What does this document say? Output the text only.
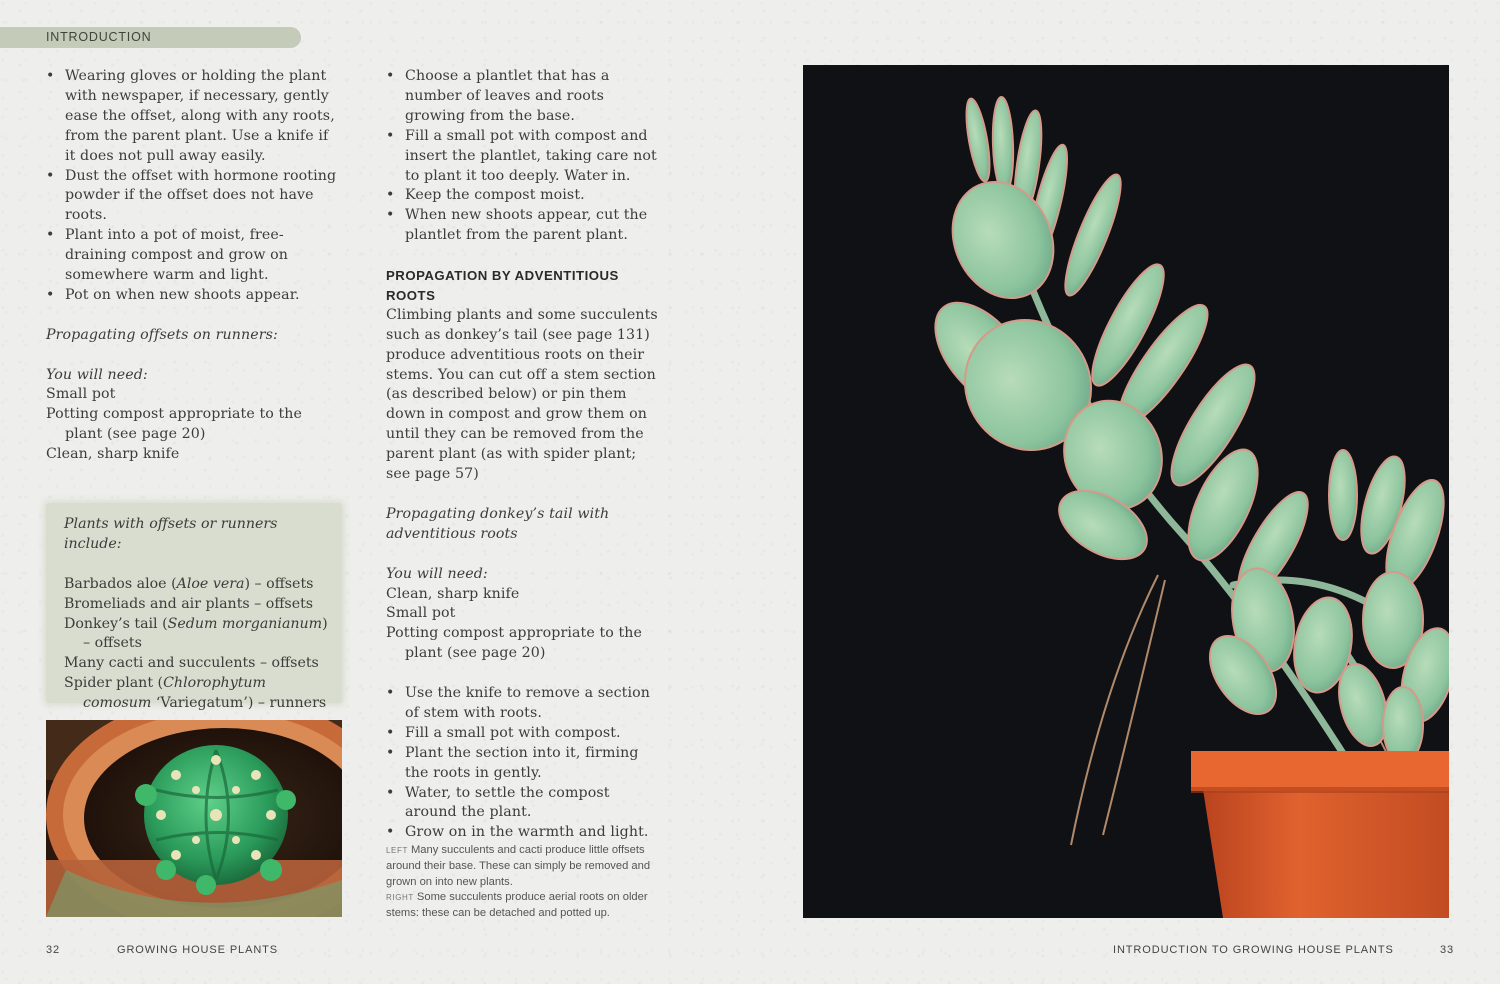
INTRODUCTION
• Wearing gloves or holding the plant with newspaper, if necessary, gently ease the offset, along with any roots, from the parent plant. Use a knife if it does not pull away easily.
• Dust the offset with hormone rooting powder if the offset does not have roots.
• Plant into a pot of moist, free-draining compost and grow on somewhere warm and light.
• Pot on when new shoots appear.
Propagating offsets on runners:
You will need:
Small pot
Potting compost appropriate to the plant (see page 20)
Clean, sharp knife
Plants with offsets or runners include:
Barbados aloe (Aloe vera) – offsets
Bromeliads and air plants – offsets
Donkey’s tail (Sedum morganianum) – offsets
Many cacti and succulents – offsets
Spider plant (Chlorophytum comosum ‘Variegatum’) – runners
• Choose a plantlet that has a number of leaves and roots growing from the base.
• Fill a small pot with compost and insert the plantlet, taking care not to plant it too deeply. Water in.
• Keep the compost moist.
• When new shoots appear, cut the plantlet from the parent plant.
PROPAGATION BY ADVENTITIOUS ROOTS
Climbing plants and some succulents such as donkey’s tail (see page 131) produce adventitious roots on their stems. You can cut off a stem section (as described below) or pin them down in compost and grow them on until they can be removed from the parent plant (as with spider plant; see page 57)
Propagating donkey’s tail with adventitious roots
You will need:
Clean, sharp knife
Small pot
Potting compost appropriate to the plant (see page 20)
• Use the knife to remove a section of stem with roots.
• Fill a small pot with compost.
• Plant the section into it, firming the roots in gently.
• Water, to settle the compost around the plant.
• Grow on in the warmth and light.
LEFT Many succulents and cacti produce little offsets around their base. These can simply be removed and grown on into new plants.
RIGHT Some succulents produce aerial roots on older stems: these can be detached and potted up.
32	GROWING HOUSE PLANTS	INTRODUCTION TO GROWING HOUSE PLANTS	33
